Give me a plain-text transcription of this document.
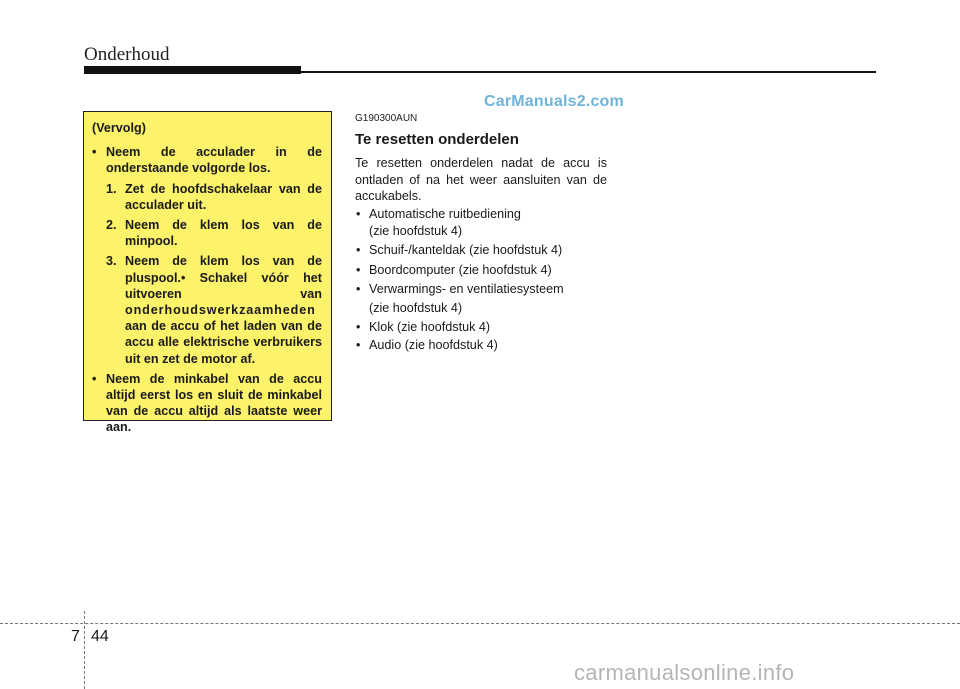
Onderhoud
CarManuals2.com
(Vervolg)
• Neem de acculader in de onderstaande volgorde los.
1. Zet de hoofdschakelaar van de acculader uit.
2. Neem de klem los van de minpool.
3. Neem de klem los van de pluspool.• Schakel vóór het uitvoeren van onderhoudswerkzaamheden aan de accu of het laden van de accu alle elektrische verbruikers uit en zet de motor af.
• Neem de minkabel van de accu altijd eerst los en sluit de minkabel van de accu altijd als laatste weer aan.
G190300AUN
Te resetten onderdelen
Te resetten onderdelen nadat de accu is ontladen of na het weer aansluiten van de accukabels.
• Automatische ruitbediening
(zie hoofdstuk 4)
• Schuif-/kanteldak (zie hoofdstuk 4)
• Boordcomputer (zie hoofdstuk 4)
• Verwarmings- en ventilatiesysteem
(zie hoofdstuk 4)
• Klok (zie hoofdstuk 4)
• Audio (zie hoofdstuk 4)
7 44
carmanualsonline.info
